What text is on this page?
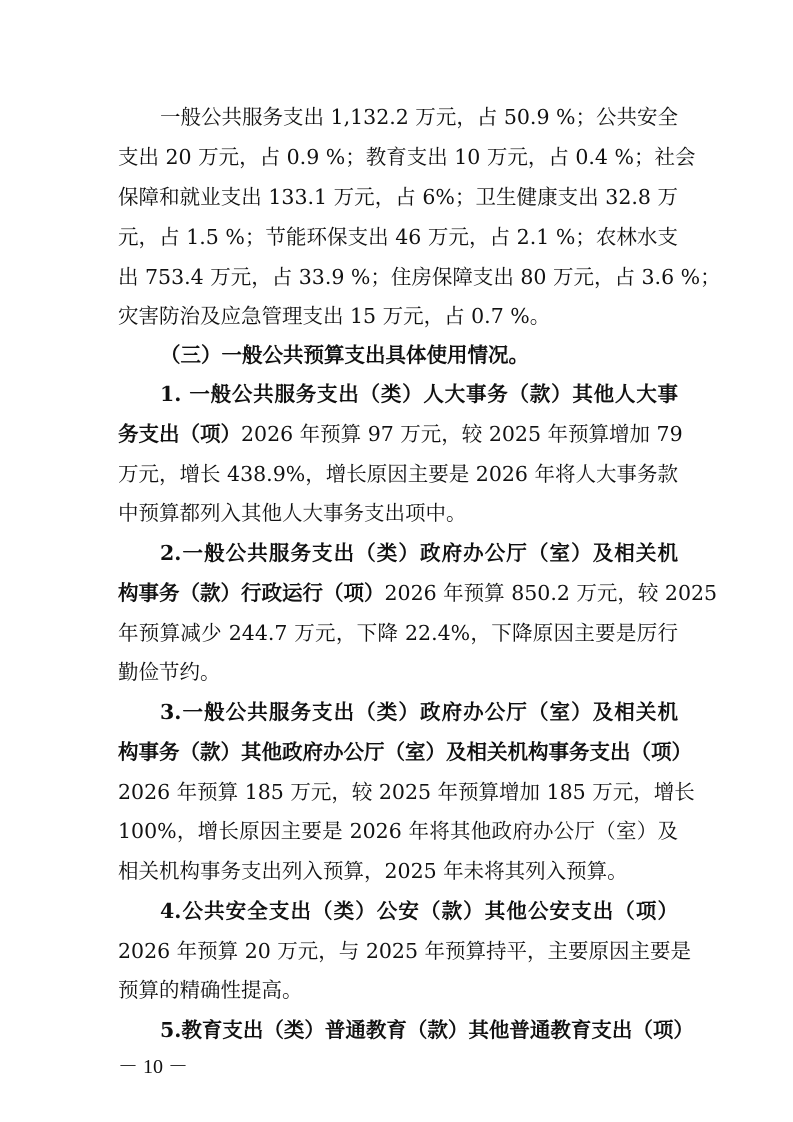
一般公共服务支出 1,132.2 万元，占 50.9 %；公共安全
支出 20 万元，占 0.9 %；教育支出 10 万元，占 0.4 %；社会
保障和就业支出 133.1 万元，占 6%；卫生健康支出 32.8 万
元，占 1.5 %；节能环保支出 46 万元，占 2.1 %；农林水支
出 753.4 万元，占 33.9 %；住房保障支出 80 万元，占 3.6 %；
灾害防治及应急管理支出 15 万元，占 0.7 %。
（三）一般公共预算支出具体使用情况。
1. 一般公共服务支出（类）人大事务（款）其他人大事
务支出（项）2026 年预算 97 万元，较 2025 年预算增加 79
万元，增长 438.9%，增长原因主要是 2026 年将人大事务款
中预算都列入其他人大事务支出项中。
2.一般公共服务支出（类）政府办公厅（室）及相关机
构事务（款）行政运行（项）2026 年预算 850.2 万元，较 2025
年预算减少 244.7 万元，下降 22.4%，下降原因主要是厉行
勤俭节约。
3.一般公共服务支出（类）政府办公厅（室）及相关机
构事务（款）其他政府办公厅（室）及相关机构事务支出（项）
2026 年预算 185 万元，较 2025 年预算增加 185 万元，增长
100%，增长原因主要是 2026 年将其他政府办公厅（室）及
相关机构事务支出列入预算，2025 年未将其列入预算。
4.公共安全支出（类）公安（款）其他公安支出（项）
2026 年预算 20 万元，与 2025 年预算持平，主要原因主要是
预算的精确性提高。
5.教育支出（类）普通教育（款）其他普通教育支出（项）
－ 10 －
